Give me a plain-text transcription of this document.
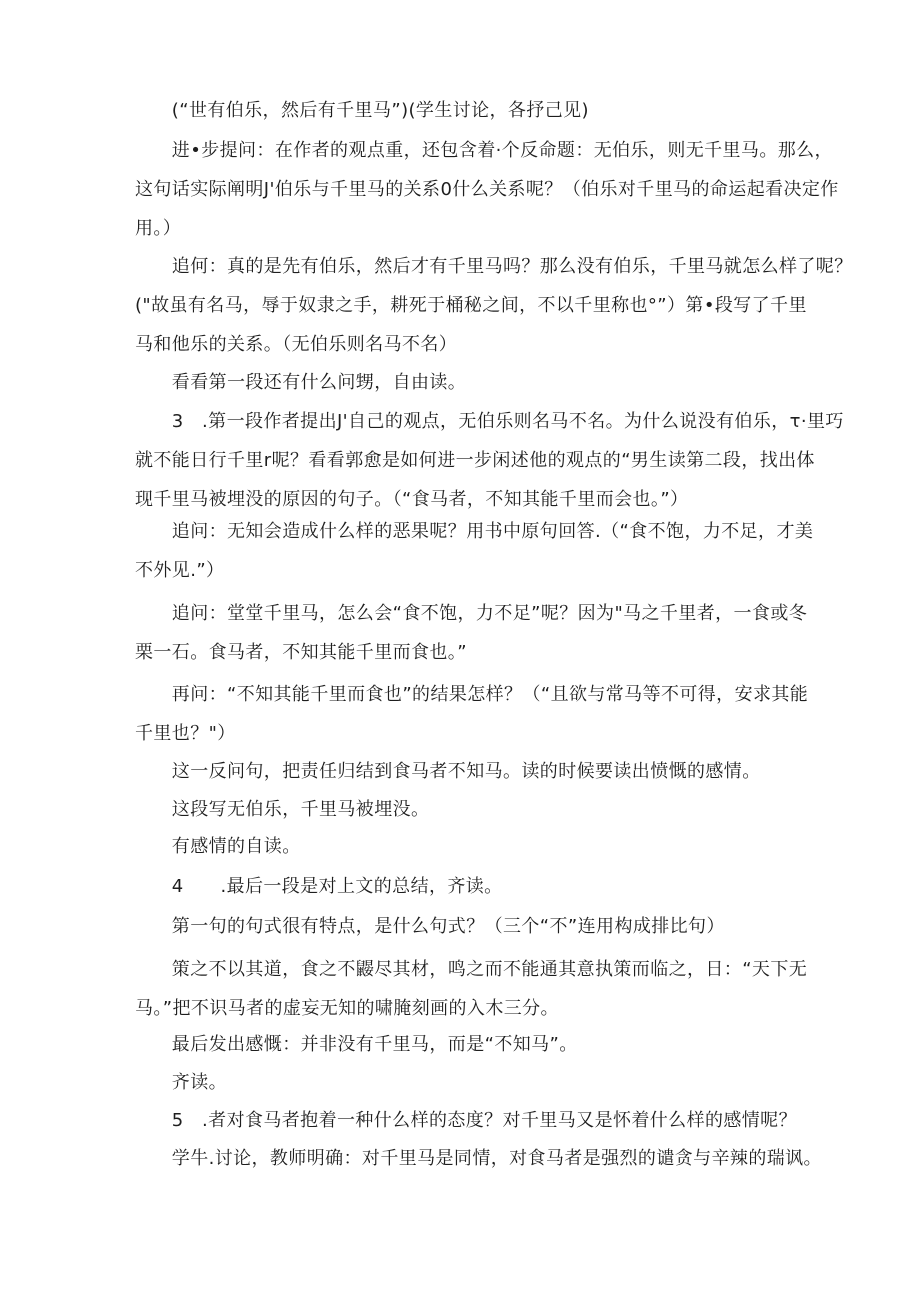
　　(“世有伯乐，然后有千里马”)(学生讨论，各抒己见)

　　进•步提问：在作者的观点重，还包含着·个反命题：无伯乐，则无千里马。那么，
这句话实际阐明J'伯乐与千里马的关系0什么关系呢？（伯乐对千里马的命运起看决定作
用。）

　　追何：真的是先有伯乐，然后才有千里马吗？那么没有伯乐，千里马就怎么样了呢？
("故虽有名马，辱于奴隶之手，耕死于桶秘之间，不以千里称也°”）第•段写了千里
马和他乐的关系。（无伯乐则名马不名）

　　看看第一段还有什么问甥，自由读。

　　3　.第一段作者提出J'自己的观点，无伯乐则名马不名。为什么说没有伯乐，τ·里巧
就不能日行千里r呢？看看郭愈是如何进一步闲述他的观点的“男生读第二段，找出体
现千里马被埋没的原因的句子。（“食马者，不知其能千里而会也。”）

　　追问：无知会造成什么样的恶果呢？用书中原句回答.（“食不饱，力不足，才美
不外见.”）

　　追问：堂堂千里马，怎么会“食不饱，力不足”呢？因为"马之千里者，一食或冬
栗一石。食马者，不知其能千里而食也。”

　　再问：“不知其能千里而食也”的结果怎样？（“且欲与常马等不可得，安求其能
千里也？"）

　　这一反问句，把责任归结到食马者不知马。读的时候要读出愤慨的感情。

　　这段写无伯乐，千里马被埋没。

　　有感情的自读。

　　4　　.最后一段是对上文的总结，齐读。

　　第一句的句式很有特点，是什么句式？（三个“不”连用构成排比句）

　　策之不以其道，食之不鼹尽其材，鸣之而不能通其意执策而临之，日：“天下无
马。”把不识马者的虚妄无知的啸腌刻画的入木三分。

　　最后发出感慨：并非没有千里马，而是“不知马”。

　　齐读。

　　5　.者对食马者抱着一种什么样的态度？对千里马又是怀着什么样的感情呢？

　　学牛.讨论，教师明确：对千里马是同情，对食马者是强烈的谴贪与辛辣的瑞讽。
